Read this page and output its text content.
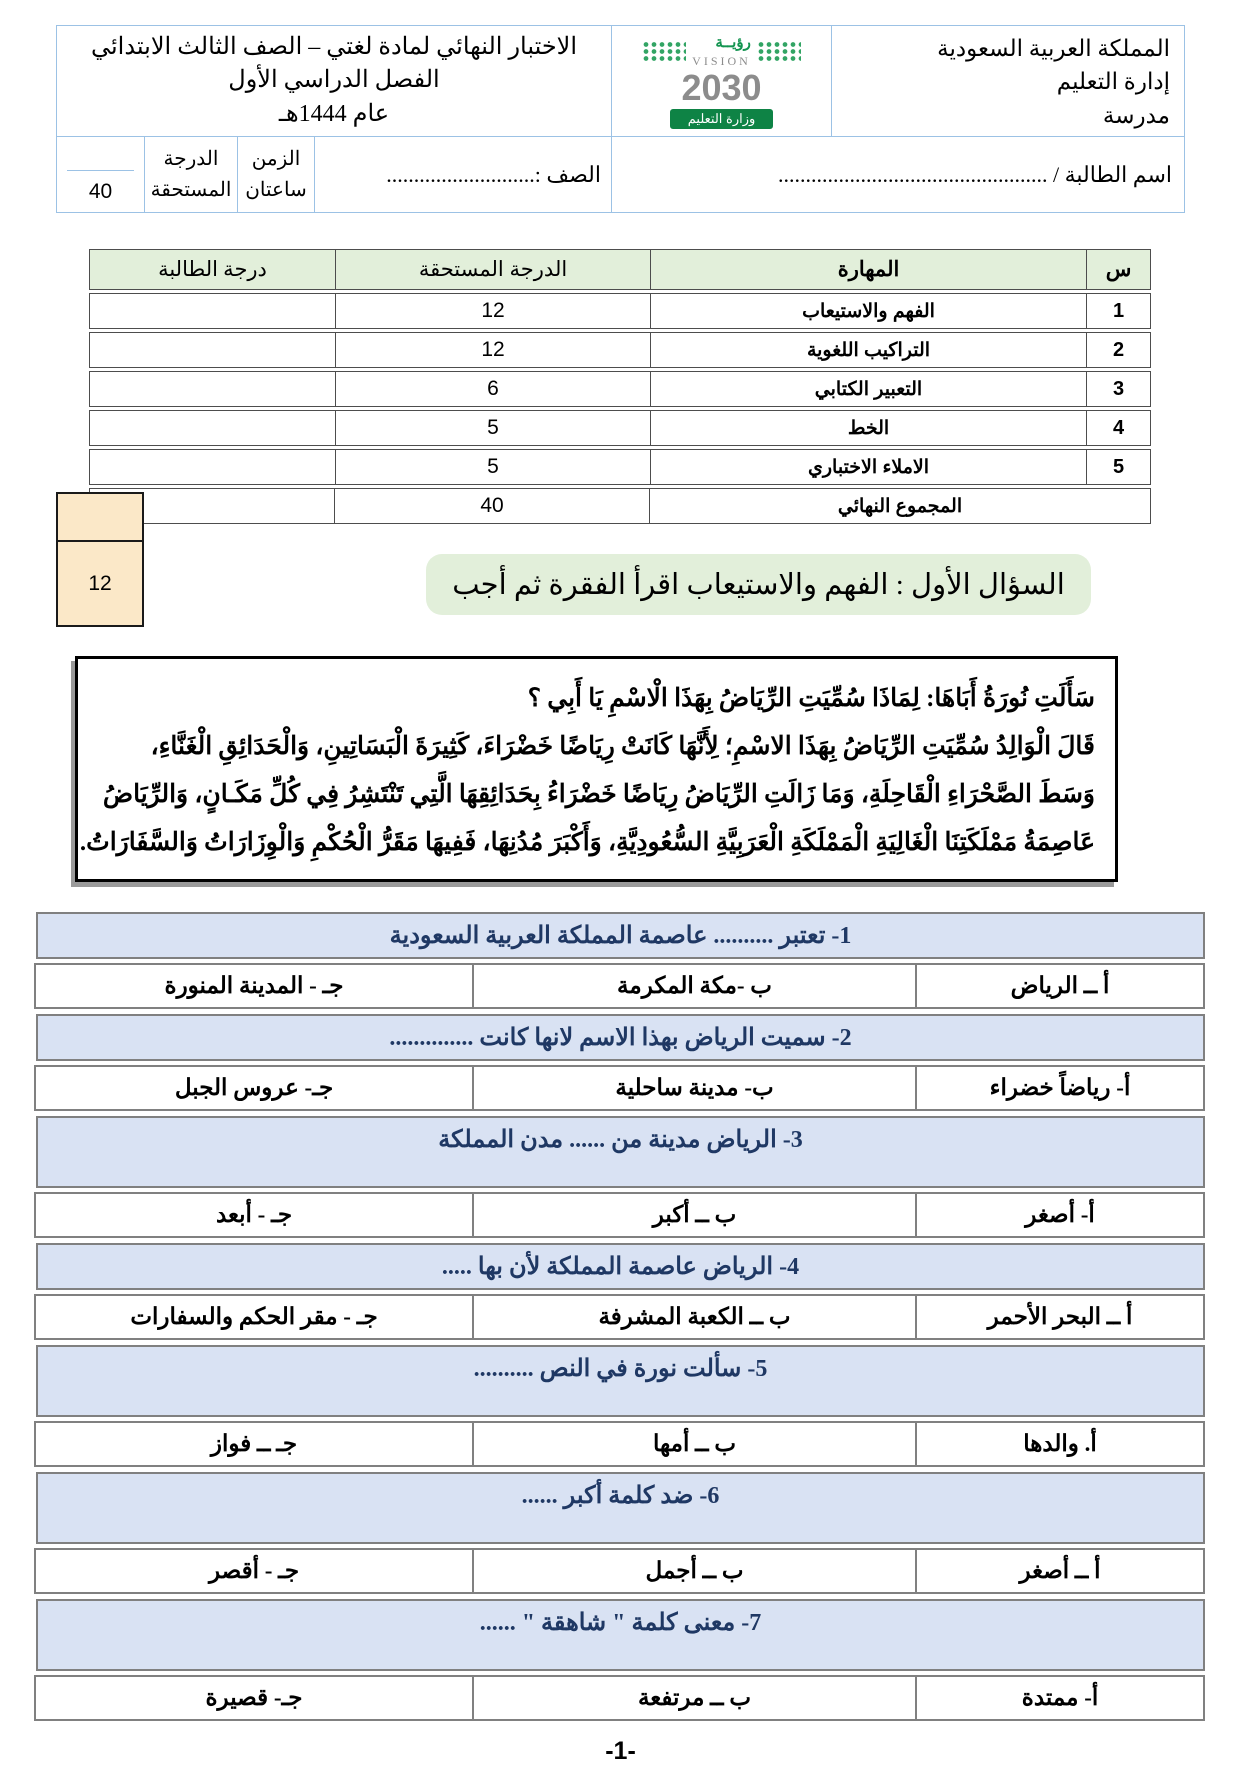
المملكة العربية السعودية
إدارة التعليم
مدرسة
رؤيــة
VISION
2030
وزارة التعليم
الاختبار النهائي لمادة لغتي – الصف الثالث الابتدائي
الفصل الدراسي الأول
عام 1444هـ
اسم الطالبة / .................................................
الصف :...........................
الزمن
ساعتان
الدرجة
المستحقة
40
س
المهارة
الدرجة المستحقة
درجة الطالبة
1
الفهم والاستيعاب
12
2
التراكيب اللغوية
12
3
التعبير الكتابي
6
4
الخط
5
5
الاملاء الاختباري
5
المجموع النهائي
40
12	السؤال الأول : الفهم والاستيعاب اقرأ الفقرة ثم أجب
سَأَلَتِ نُورَةُ أَبَاهَا: لِمَاذَا سُمِّيَتِ الرِّيَاضُ بِهَذَا الْاسْمِ يَا أَبِي ؟
قَالَ الْوَالِدُ سُمِّيَتِ الرِّيَاضُ بِهَذَا الاسْمِ؛ لِأَنَّهَا كَانَتْ رِيَاضًا خَضْرَاءَ، كَثِيرَةَ الْبَسَاتِينِ، وَالْحَدَائِقِ الْغَنَّاءِ،
وَسَطَ الصَّحْرَاءِ الْقَاحِلَةِ، وَمَا زَالَتِ الرِّيَاضُ رِيَاضًا خَضْرَاءُ بِحَدَائِقِهَا الَّتِي تَنْتَشِرُ فِي كُلِّ مَكَـانٍ، وَالرِّيَاضُ
عَاصِمَةُ مَمْلَكَتِنَا الْغَالِيَةِ الْمَمْلَكَةِ الْعَرَبِيَّةِ السُّعُودِيَّةِ، وَأَكْبَرَ مُدُنِهَا، فَفِيهَا مَقَرُّ الْحُكْمِ وَالْوِزَارَاتُ وَالسَّفَارَاتُ.
1- تعتبر .......... عاصمة المملكة العربية السعودية
أ ــ الرياض
ب -مكة المكرمة
جـ - المدينة المنورة
2- سميت الرياض بهذا الاسم لانها كانت ..............
أ- رياضاً خضراء
ب- مدينة ساحلية
جـ- عروس الجبل
3- الرياض مدينة من ...... مدن المملكة
أ- أصغر
ب ــ أكبر
جـ - أبعد
4- الرياض عاصمة المملكة لأن بها .....
أ ــ البحر الأحمر
ب ــ الكعبة المشرفة
جـ - مقر الحكم والسفارات
5- سألت نورة في النص ..........
أ. والدها
ب ــ أمها
جـ ــ فواز
6- ضد كلمة أكبر ......
أ ــ أصغر
ب ــ أجمل
جـ - أقصر
7- معنى كلمة " شاهقة " ......
أ- ممتدة
ب ــ مرتفعة
جـ- قصيرة
-1-
